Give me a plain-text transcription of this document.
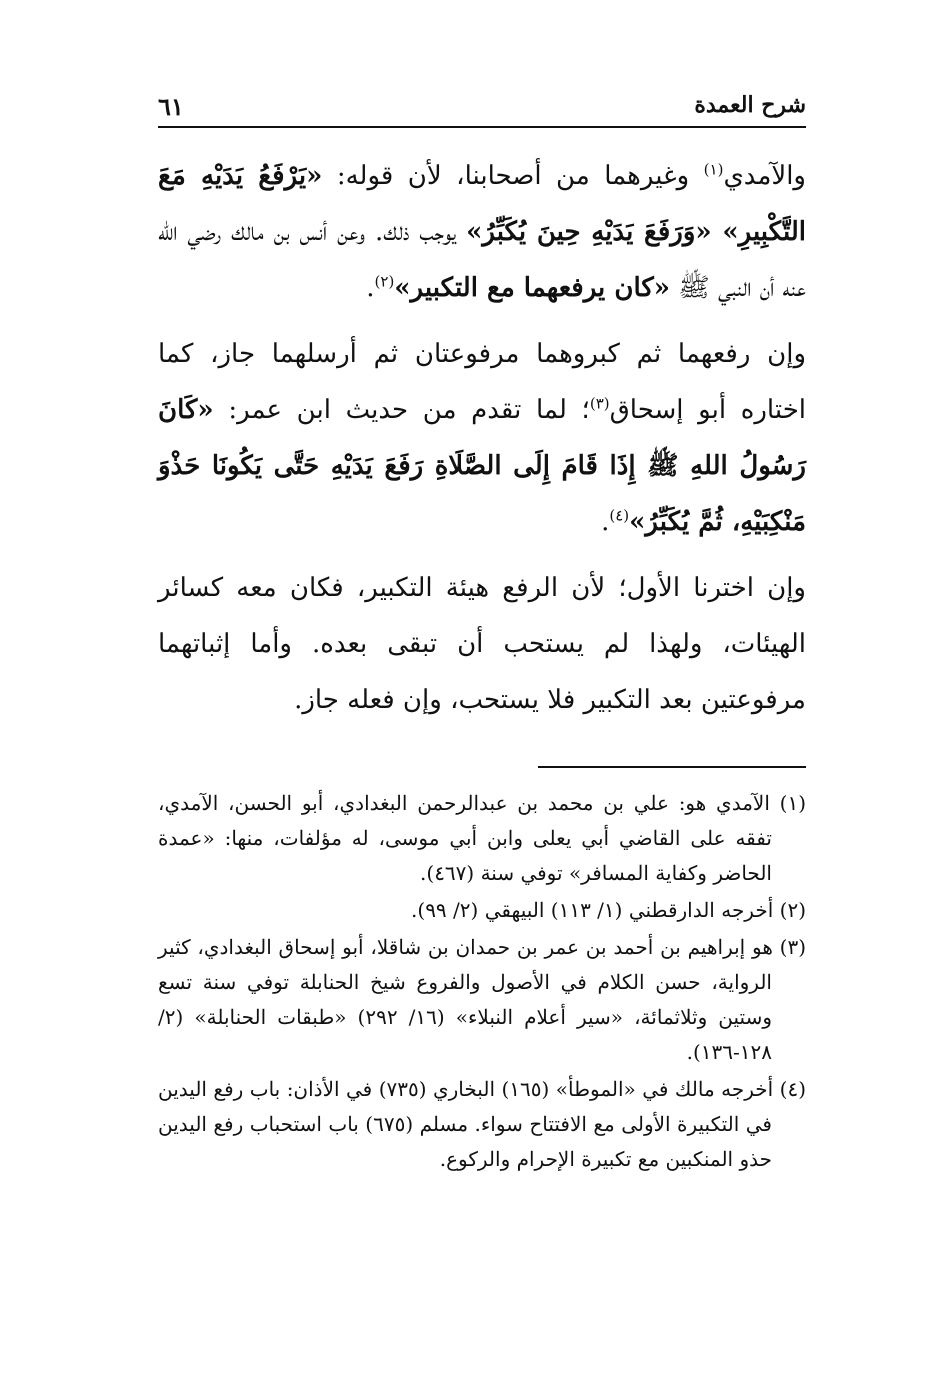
شرح العمدة
٦١

والآمدي$^{(١)}$ وغيرهما من أصحابنا، لأن قوله: «يَرْفَعُ يَدَيْهِ مَعَ التَّكْبِيرِ» «وَرَفَعَ يَدَيْهِ حِينَ يُكَبِّرُ» يوجب ذلك. وعن أنس بن مالك رضي الله عنه أن النبي ﷺ «كان يرفعهما مع التكبير»$^{(٢)}$.

وإن رفعهما ثم كبروهما مرفوعتان ثم أرسلهما جاز، كما اختاره أبو إسحاق$^{(٣)}$؛ لما تقدم من حديث ابن عمر: «كَانَ رَسُولُ اللهِ ﷺ إِذَا قَامَ إِلَى الصَّلَاةِ رَفَعَ يَدَيْهِ حَتَّى يَكُونَا حَذْوَ مَنْكِبَيْهِ، ثُمَّ يُكَبِّرُ»$^{(٤)}$.

وإن اخترنا الأول؛ لأن الرفع هيئة التكبير، فكان معه كسائر الهيئات، ولهذا لم يستحب أن تبقى بعده. وأما إثباتهما مرفوعتين بعد التكبير فلا يستحب، وإن فعله جاز.

(١) الآمدي هو: علي بن محمد بن عبدالرحمن البغدادي، أبو الحسن، الآمدي، تفقه على القاضي أبي يعلى وابن أبي موسى، له مؤلفات، منها: «عمدة الحاضر وكفاية المسافر» توفي سنة (٤٦٧).

(٢) أخرجه الدارقطني (١/ ١١٣) البيهقي (٢/ ٩٩).

(٣) هو إبراهيم بن أحمد بن عمر بن حمدان بن شاقلا، أبو إسحاق البغدادي، كثير الرواية، حسن الكلام في الأصول والفروع شيخ الحنابلة توفي سنة تسع وستين وثلاثمائة، «سير أعلام النبلاء» (١٦/ ٢٩٢) «طبقات الحنابلة» (٢/ ١٢٨-١٣٦).

(٤) أخرجه مالك في «الموطأ» (١٦٥) البخاري (٧٣٥) في الأذان: باب رفع اليدين في التكبيرة الأولى مع الافتتاح سواء. مسلم (٦٧٥) باب استحباب رفع اليدين حذو المنكبين مع تكبيرة الإحرام والركوع.
